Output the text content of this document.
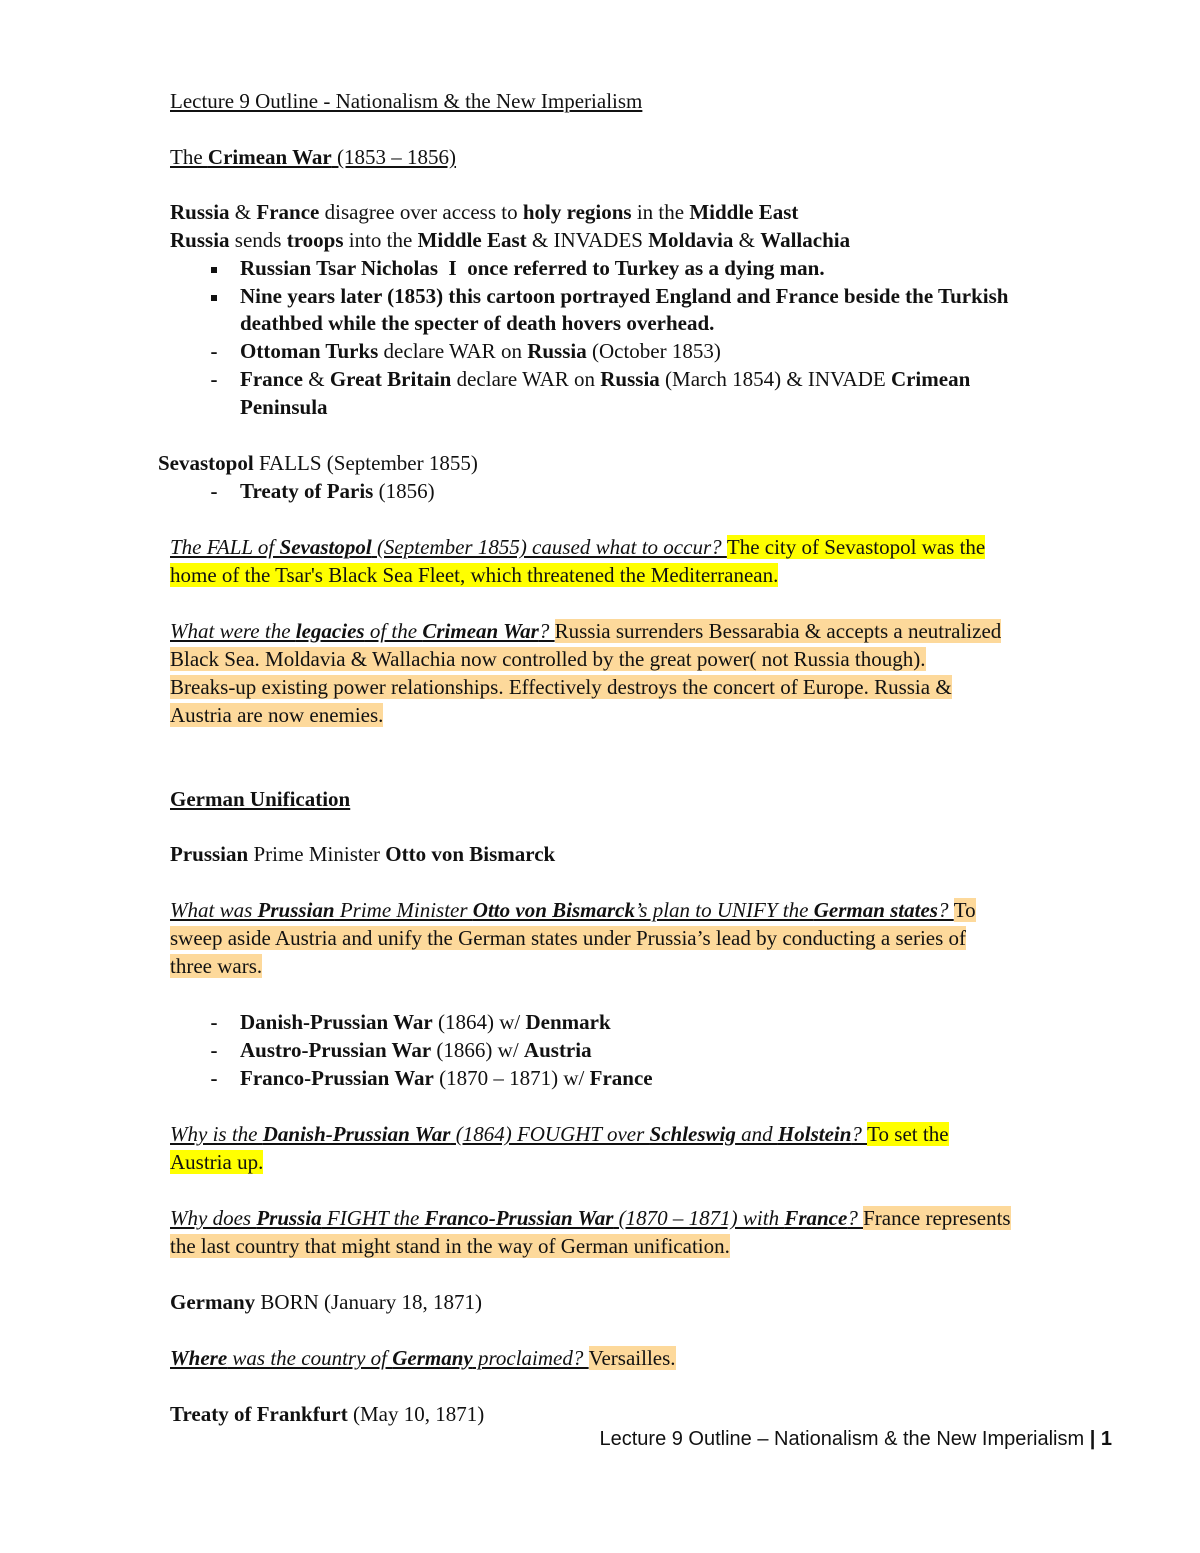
Lecture 9 Outline - Nationalism & the New Imperialism
The Crimean War (1853 – 1856)
Russia & France disagree over access to holy regions in the Middle East
Russia sends troops into the Middle East & INVADES Moldavia & Wallachia
Russian Tsar Nicholas  I  once referred to Turkey as a dying man.
Nine years later (1853) this cartoon portrayed England and France beside the Turkish
deathbed while the specter of death hovers overhead.
-
Ottoman Turks declare WAR on Russia (October 1853)
-
France & Great Britain declare WAR on Russia (March 1854) & INVADE Crimean
Peninsula
Sevastopol FALLS (September 1855)
-
Treaty of Paris (1856)
The FALL of Sevastopol (September 1855) caused what to occur? The city of Sevastopol was the
home of the Tsar's Black Sea Fleet, which threatened the Mediterranean.
What were the legacies of the Crimean War? Russia surrenders Bessarabia & accepts a neutralized
Black Sea. Moldavia & Wallachia now controlled by the great power( not Russia though).
Breaks-up existing power relationships. Effectively destroys the concert of Europe. Russia &
Austria are now enemies.
German Unification
Prussian Prime Minister Otto von Bismarck
What was Prussian Prime Minister Otto von Bismarck’s plan to UNIFY the German states? To
sweep aside Austria and unify the German states under Prussia’s lead by conducting a series of
three wars.
-
Danish-Prussian War (1864) w/ Denmark
-
Austro-Prussian War (1866) w/ Austria
-
Franco-Prussian War (1870 – 1871) w/ France
Why is the Danish-Prussian War (1864) FOUGHT over Schleswig and Holstein? To set the
Austria up.
Why does Prussia FIGHT the Franco-Prussian War (1870 – 1871) with France? France represents
the last country that might stand in the way of German unification.
Germany BORN (January 18, 1871)
Where was the country of Germany proclaimed? Versailles.
Treaty of Frankfurt (May 10, 1871)
Lecture 9 Outline – Nationalism & the New Imperialism | 1
